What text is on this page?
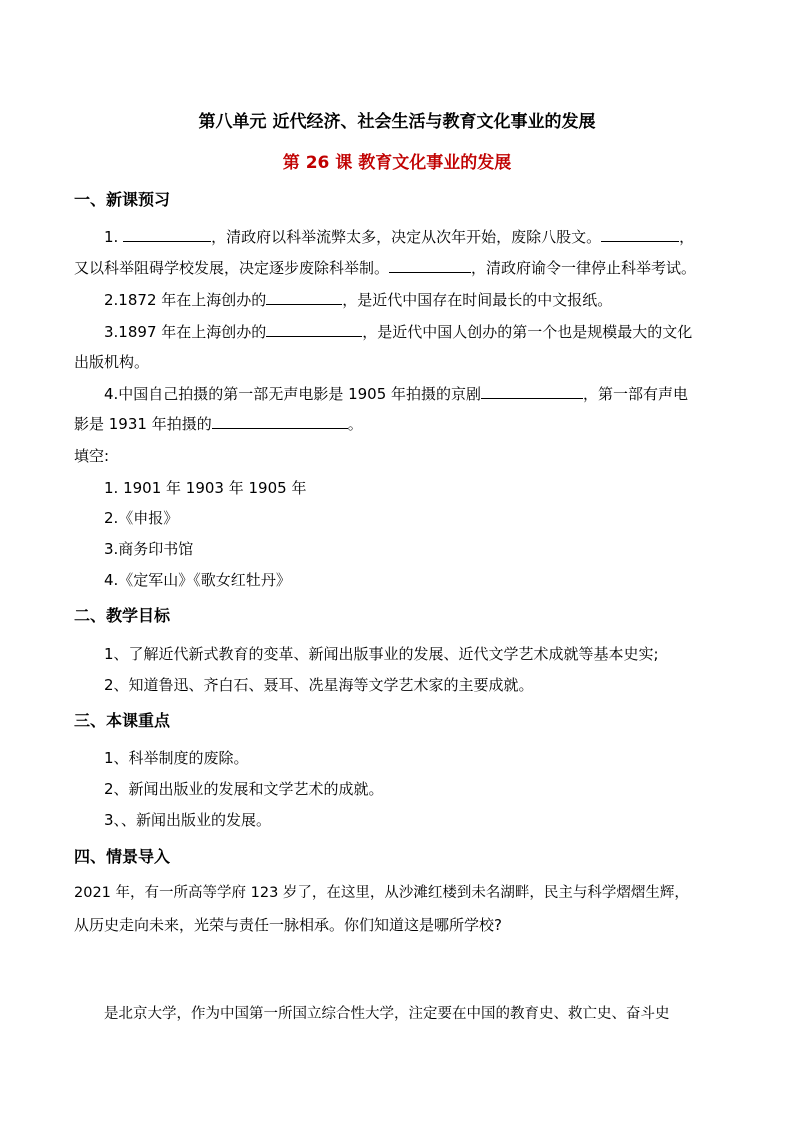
第八单元 近代经济、社会生活与教育文化事业的发展
第 26 课 教育文化事业的发展
一、新课预习
1.	，清政府以科举流弊太多，决定从次年开始，废除八股文。	，
又以科举阻碍学校发展，决定逐步废除科举制。	，清政府谕令一律停止科举考试。
2.1872 年在上海创办的	，是近代中国存在时间最长的中文报纸。
3.1897 年在上海创办的	，是近代中国人创办的第一个也是规模最大的文化
出版机构。
4.中国自己拍摄的第一部无声电影是 1905 年拍摄的京剧	，第一部有声电
影是 1931 年拍摄的	。
填空:
1. 1901 年 1903 年 1905 年
2.《申报》
3.商务印书馆
4.《定军山》《歌女红牡丹》
二、教学目标
1、了解近代新式教育的变革、新闻出版事业的发展、近代文学艺术成就等基本史实;
2、知道鲁迅、齐白石、聂耳、冼星海等文学艺术家的主要成就。
三、本课重点
1、科举制度的废除。
2、新闻出版业的发展和文学艺术的成就。
3、、新闻出版业的发展。
四、情景导入
2021 年，有一所高等学府 123 岁了，在这里，从沙滩红楼到未名湖畔，民主与科学熠熠生辉，
从历史走向未来，光荣与责任一脉相承。你们知道这是哪所学校?
是北京大学，作为中国第一所国立综合性大学，注定要在中国的教育史、救亡史、奋斗史
